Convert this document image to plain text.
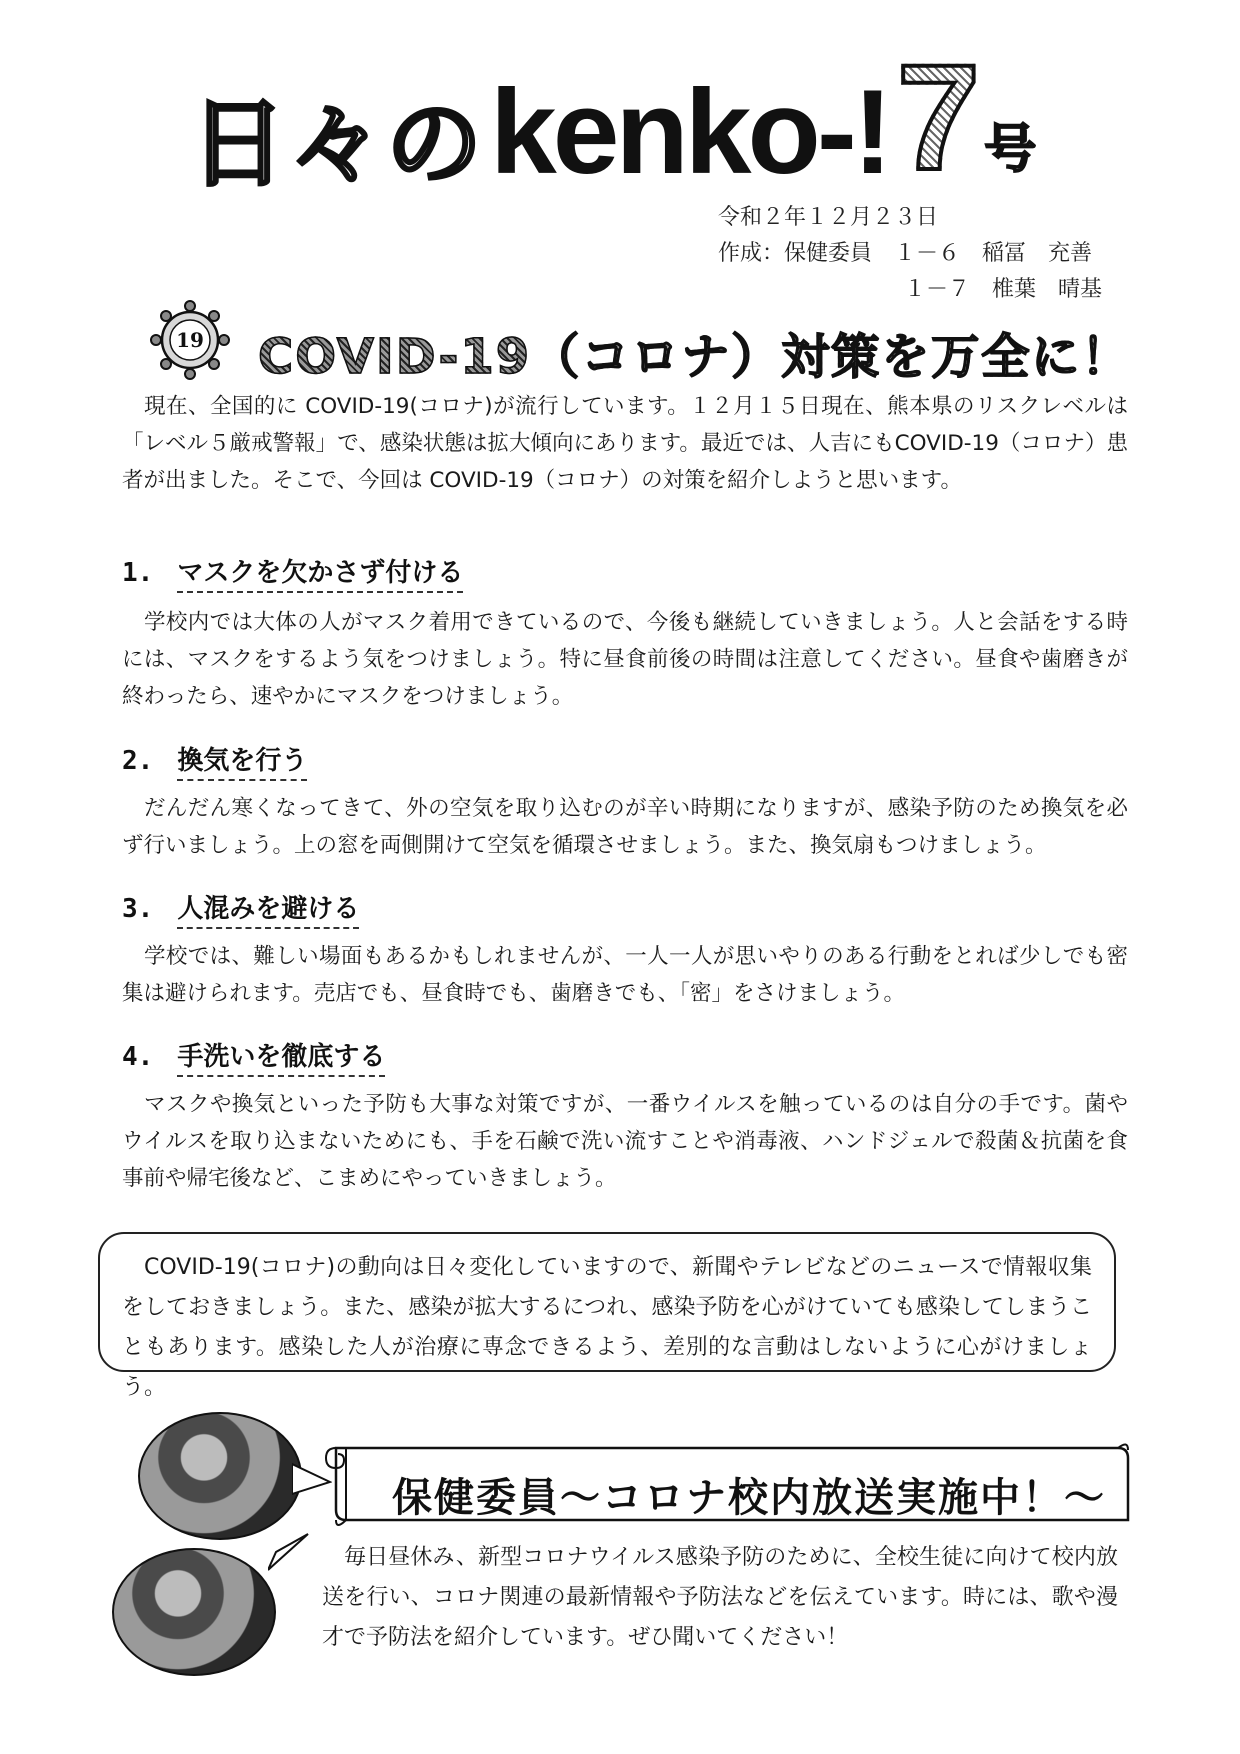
日 々 の kenko-! 7 号
令和２年１２月２３日
作成：保健委員　１－６　稲冨　充善
１－７　椎葉　晴基
19 COVID-19（コロナ）対策を万全に！
現在、全国的に COVID-19(コロナ)が流行しています。１２月１５日現在、熊本県のリスクレベルは「レベル５厳戒警報」で、感染状態は拡大傾向にあります。最近では、人吉にもCOVID-19（コロナ）患者が出ました。そこで、今回は COVID-19（コロナ）の対策を紹介しようと思います。
1. マスクを欠かさず付ける
学校内では大体の人がマスク着用できているので、今後も継続していきましょう。人と会話をする時には、マスクをするよう気をつけましょう。特に昼食前後の時間は注意してください。昼食や歯磨きが終わったら、速やかにマスクをつけましょう。
2. 換気を行う
だんだん寒くなってきて、外の空気を取り込むのが辛い時期になりますが、感染予防のため換気を必ず行いましょう。上の窓を両側開けて空気を循環させましょう。また、換気扇もつけましょう。
3. 人混みを避ける
学校では、難しい場面もあるかもしれませんが、一人一人が思いやりのある行動をとれば少しでも密集は避けられます。売店でも、昼食時でも、歯磨きでも、「密」をさけましょう。
4. 手洗いを徹底する
マスクや換気といった予防も大事な対策ですが、一番ウイルスを触っているのは自分の手です。菌やウイルスを取り込まないためにも、手を石鹸で洗い流すことや消毒液、ハンドジェルで殺菌＆抗菌を食事前や帰宅後など、こまめにやっていきましょう。
COVID-19(コロナ)の動向は日々変化していますので、新聞やテレビなどのニュースで情報収集をしておきましょう。また、感染が拡大するにつれ、感染予防を心がけていても感染してしまうこともあります。感染した人が治療に専念できるよう、差別的な言動はしないように心がけましょう。
保健委員～コロナ校内放送実施中！～
毎日昼休み、新型コロナウイルス感染予防のために、全校生徒に向けて校内放送を行い、コロナ関連の最新情報や予防法などを伝えています。時には、歌や漫才で予防法を紹介しています。ぜひ聞いてください！
